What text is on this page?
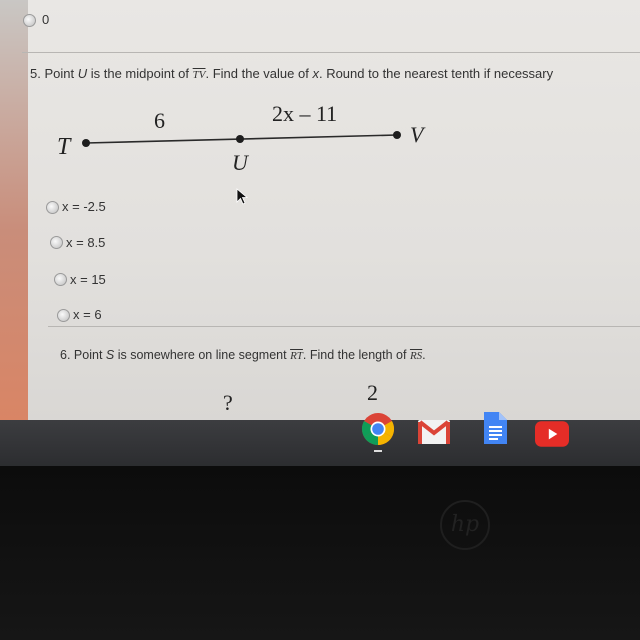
0
5. Point U is the midpoint of $\overline{TV}$. Find the value of x. Round to the nearest tenth if necessary
T
U
V
6	2x – 11
x = -2.5
x = 8.5
x = 15
x = 6
6. Point S is somewhere on line segment $\overline{RT}$. Find the length of $\overline{RS}$.
?	2
hp
